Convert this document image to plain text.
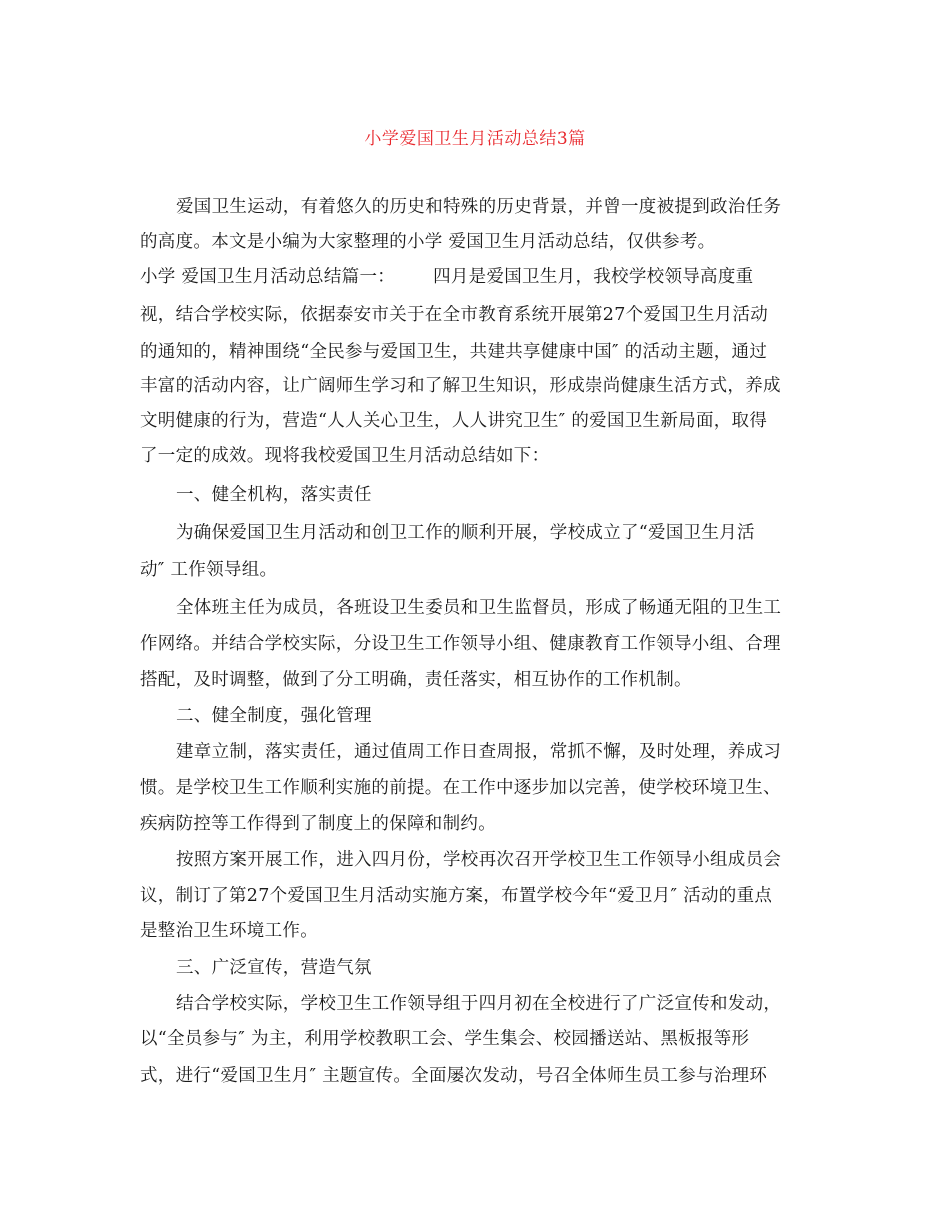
小学爱国卫生月活动总结3篇
爱国卫生运动，有着悠久的历史和特殊的历史背景，并曾一度被提到政治任务
的高度。本文是小编为大家整理的小学 爱国卫生月活动总结，仅供参考。
小学 爱国卫生月活动总结篇一： 四月是爱国卫生月，我校学校领导高度重
视，结合学校实际，依据泰安市关于在全市教育系统开展第27个爱国卫生月活动
的通知的，精神围绕“全民参与爱国卫生，共建共享健康中国″ 的活动主题，通过
丰富的活动内容，让广阔师生学习和了解卫生知识，形成崇尚健康生活方式，养成
文明健康的行为，营造“人人关心卫生，人人讲究卫生″ 的爱国卫生新局面，取得
了一定的成效。现将我校爱国卫生月活动总结如下：
一、健全机构，落实责任
为确保爱国卫生月活动和创卫工作的顺利开展，学校成立了“爱国卫生月活
动″ 工作领导组。
全体班主任为成员，各班设卫生委员和卫生监督员，形成了畅通无阻的卫生工
作网络。并结合学校实际，分设卫生工作领导小组、健康教育工作领导小组、合理
搭配，及时调整，做到了分工明确，责任落实，相互协作的工作机制。
二、健全制度，强化管理
建章立制，落实责任，通过值周工作日查周报，常抓不懈，及时处理，养成习
惯。是学校卫生工作顺利实施的前提。在工作中逐步加以完善，使学校环境卫生、
疾病防控等工作得到了制度上的保障和制约。
按照方案开展工作，进入四月份，学校再次召开学校卫生工作领导小组成员会
议，制订了第27个爱国卫生月活动实施方案，布置学校今年“爱卫月″ 活动的重点
是整治卫生环境工作。
三、广泛宣传，营造气氛
结合学校实际，学校卫生工作领导组于四月初在全校进行了广泛宣传和发动，
以“全员参与″ 为主，利用学校教职工会、学生集会、校园播送站、黑板报等形
式，进行“爱国卫生月″ 主题宣传。全面屡次发动，号召全体师生员工参与治理环
